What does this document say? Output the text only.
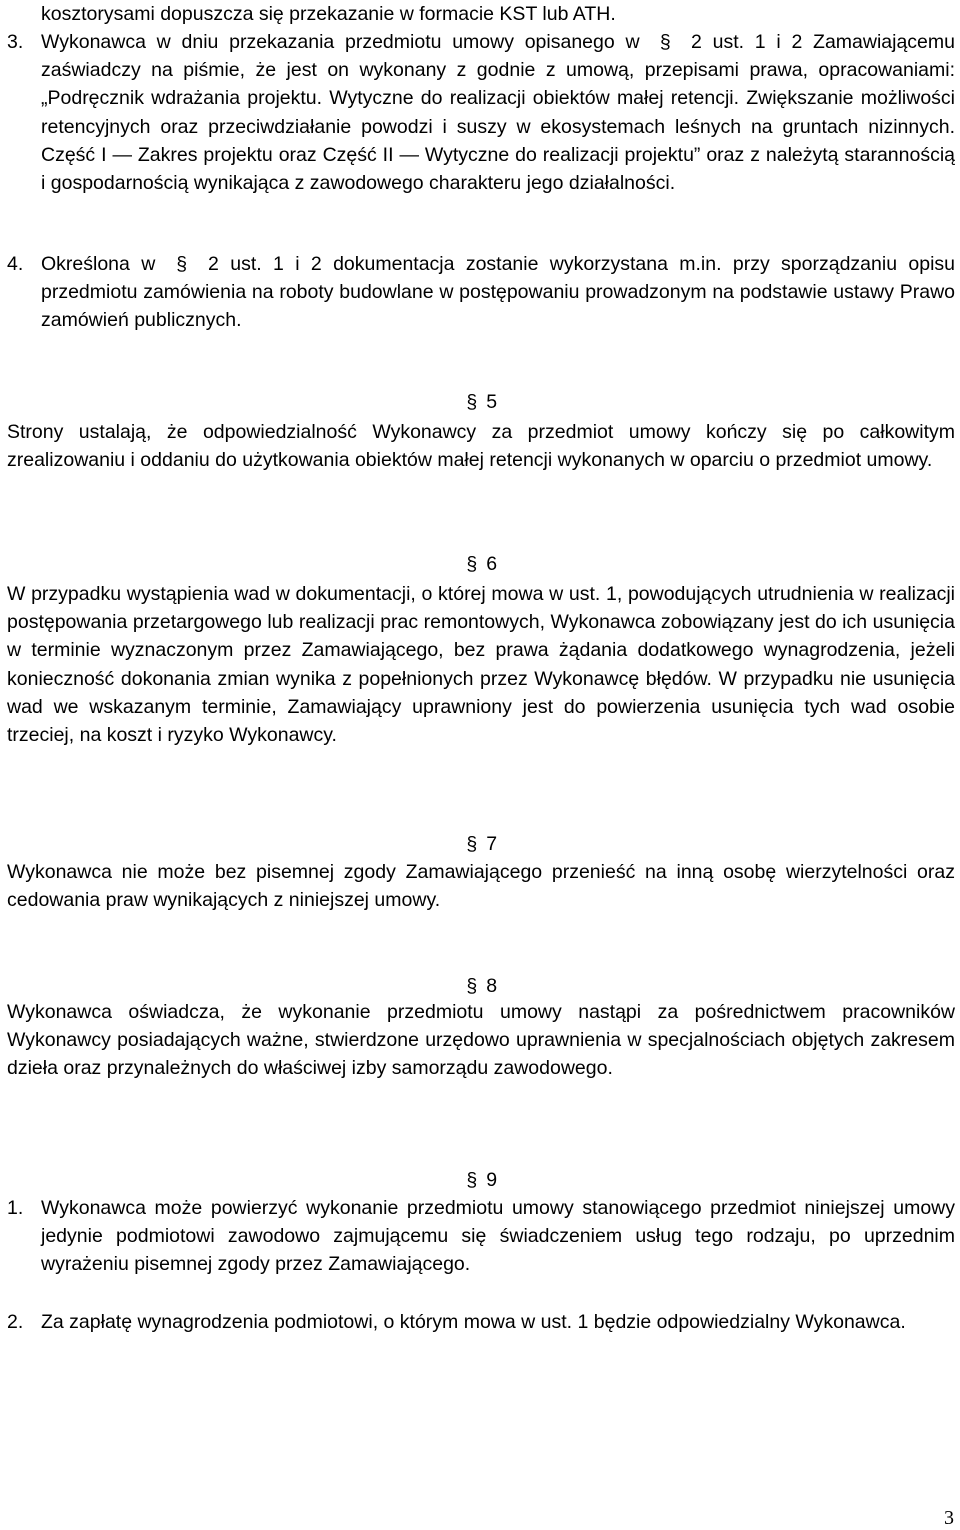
kosztorysami dopuszcza się przekazanie w formacie KST lub ATH.
3. Wykonawca w dniu przekazania przedmiotu umowy opisanego w § 2 ust. 1 i 2 Zamawiającemu zaświadczy na piśmie, że jest on wykonany z godnie z umową, przepisami prawa, opracowaniami: „Podręcznik wdrażania projektu. Wytyczne do realizacji obiektów małej retencji. Zwiększanie możliwości retencyjnych oraz przeciwdziałanie powodzi i suszy w ekosystemach leśnych na gruntach nizinnych. Część I — Zakres projektu oraz Część II — Wytyczne do realizacji projektu” oraz z należytą starannością i gospodarnością wynikająca z zawodowego charakteru jego działalności.
4. Określona w § 2 ust. 1 i 2 dokumentacja zostanie wykorzystana m.in. przy sporządzaniu opisu przedmiotu zamówienia na roboty budowlane w postępowaniu prowadzonym na podstawie ustawy Prawo zamówień publicznych.
§ 5
Strony ustalają, że odpowiedzialność Wykonawcy za przedmiot umowy kończy się po całkowitym zrealizowaniu i oddaniu do użytkowania obiektów małej retencji wykonanych w oparciu o przedmiot umowy.
§ 6
W przypadku wystąpienia wad w dokumentacji, o której mowa w ust. 1, powodujących utrudnienia w realizacji postępowania przetargowego lub realizacji prac remontowych, Wykonawca zobowiązany jest do ich usunięcia w terminie wyznaczonym przez Zamawiającego, bez prawa żądania dodatkowego wynagrodzenia, jeżeli konieczność dokonania zmian wynika z popełnionych przez Wykonawcę błędów. W przypadku nie usunięcia wad we wskazanym terminie, Zamawiający uprawniony jest do powierzenia usunięcia tych wad osobie trzeciej, na koszt i ryzyko Wykonawcy.
§ 7
Wykonawca nie może bez pisemnej zgody Zamawiającego przenieść na inną osobę wierzytelności oraz cedowania praw wynikających z niniejszej umowy.
§ 8
Wykonawca oświadcza, że wykonanie przedmiotu umowy nastąpi za pośrednictwem pracowników Wykonawcy posiadających ważne, stwierdzone urzędowo uprawnienia w specjalnościach objętych zakresem dzieła oraz przynależnych do właściwej izby samorządu zawodowego.
§ 9
1. Wykonawca może powierzyć wykonanie przedmiotu umowy stanowiącego przedmiot niniejszej umowy jedynie podmiotowi zawodowo zajmującemu się świadczeniem usług tego rodzaju, po uprzednim wyrażeniu pisemnej zgody przez Zamawiającego.
2. Za zapłatę wynagrodzenia podmiotowi, o którym mowa w ust. 1 będzie odpowiedzialny Wykonawca.
3
